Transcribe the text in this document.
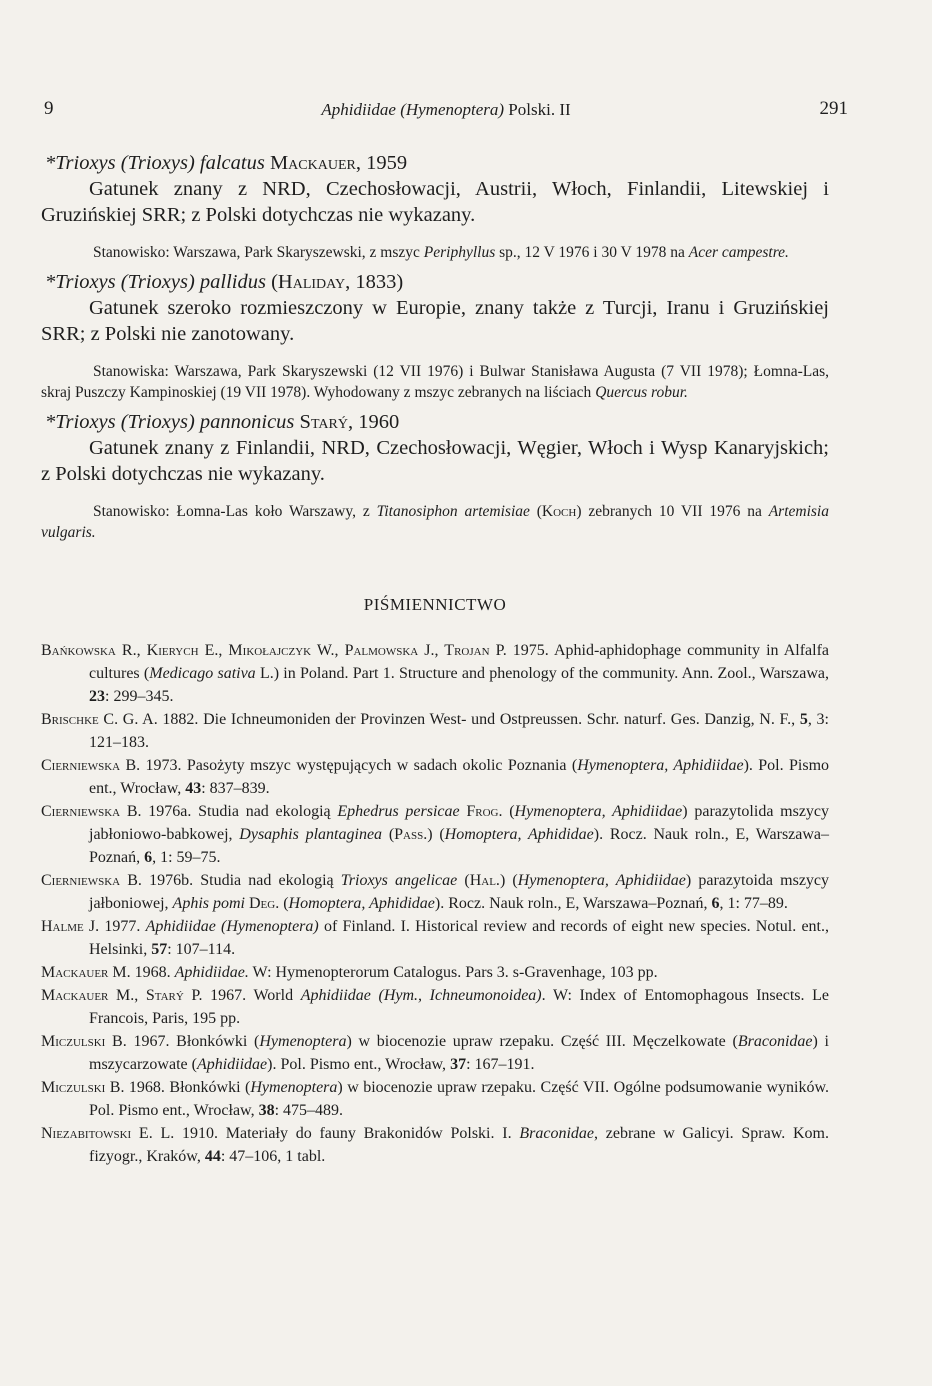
9	Aphidiidae (Hymenoptera) Polski. II	291

*Trioxys (Trioxys) falcatus Mackauer, 1959

Gatunek znany z NRD, Czechosłowacji, Austrii, Włoch, Finlandii, Litewskiej i Gruzińskiej SRR; z Polski dotychczas nie wykazany.

Stanowisko: Warszawa, Park Skaryszewski, z mszyc Periphyllus sp., 12 V 1976 i 30 V 1978 na Acer campestre.

*Trioxys (Trioxys) pallidus (Haliday, 1833)

Gatunek szeroko rozmieszczony w Europie, znany także z Turcji, Iranu i Gruzińskiej SRR; z Polski nie zanotowany.

Stanowiska: Warszawa, Park Skaryszewski (12 VII 1976) i Bulwar Stanisława Augusta (7 VII 1978); Łomna-Las, skraj Puszczy Kampinoskiej (19 VII 1978). Wyhodowany z mszyc zebranych na liściach Quercus robur.

*Trioxys (Trioxys) pannonicus Starý, 1960

Gatunek znany z Finlandii, NRD, Czechosłowacji, Węgier, Włoch i Wysp Kanaryjskich; z Polski dotychczas nie wykazany.

Stanowisko: Łomna-Las koło Warszawy, z Titanosiphon artemisiae (Koch) zebranych 10 VII 1976 na Artemisia vulgaris.

PIŚMIENNICTWO

Bańkowska R., Kierych E., Mikołajczyk W., Palmowska J., Trojan P. 1975. Aphid-aphidophage community in Alfalfa cultures (Medicago sativa L.) in Poland. Part 1. Structure and phenology of the community. Ann. Zool., Warszawa, 23: 299–345.

Brischke C. G. A. 1882. Die Ichneumoniden der Provinzen West- und Ostpreussen. Schr. naturf. Ges. Danzig, N. F., 5, 3: 121–183.

Cierniewska B. 1973. Pasożyty mszyc występujących w sadach okolic Poznania (Hymenoptera, Aphidiidae). Pol. Pismo ent., Wrocław, 43: 837–839.

Cierniewska B. 1976a. Studia nad ekologią Ephedrus persicae Frog. (Hymenoptera, Aphidiidae) parazytolida mszycy jabłoniowo-babkowej, Dysaphis plantaginea (Pass.) (Homoptera, Aphididae). Rocz. Nauk roln., E, Warszawa–Poznań, 6, 1: 59–75.

Cierniewska B. 1976b. Studia nad ekologią Trioxys angelicae (Hal.) (Hymenoptera, Aphidiidae) parazytoida mszycy jałboniowej, Aphis pomi Deg. (Homoptera, Aphididae). Rocz. Nauk roln., E, Warszawa–Poznań, 6, 1: 77–89.

Halme J. 1977. Aphidiidae (Hymenoptera) of Finland. I. Historical review and records of eight new species. Notul. ent., Helsinki, 57: 107–114.

Mackauer M. 1968. Aphidiidae. W: Hymenopterorum Catalogus. Pars 3. s-Gravenhage, 103 pp.

Mackauer M., Starý P. 1967. World Aphidiidae (Hym., Ichneumonoidea). W: Index of Entomophagous Insects. Le Francois, Paris, 195 pp.

Miczulski B. 1967. Błonkówki (Hymenoptera) w biocenozie upraw rzepaku. Część III. Męczelkowate (Braconidae) i mszycarzowate (Aphidiidae). Pol. Pismo ent., Wrocław, 37: 167–191.

Miczulski B. 1968. Błonkówki (Hymenoptera) w biocenozie upraw rzepaku. Część VII. Ogólne podsumowanie wyników. Pol. Pismo ent., Wrocław, 38: 475–489.

Niezabitowski E. L. 1910. Materiały do fauny Brakonidów Polski. I. Braconidae, zebrane w Galicyi. Spraw. Kom. fizyogr., Kraków, 44: 47–106, 1 tabl.
